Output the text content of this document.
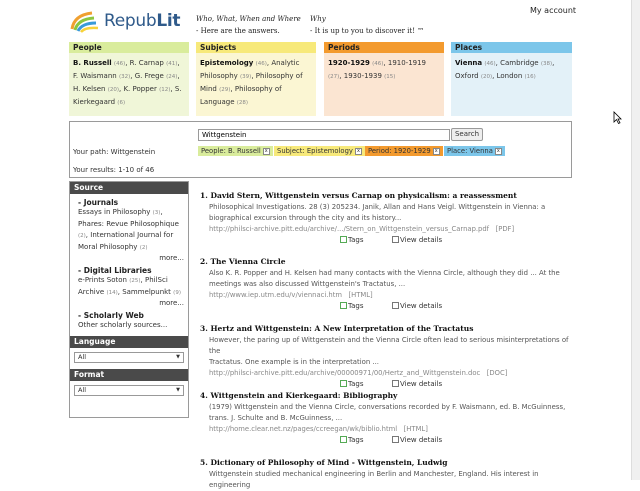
RepubLit Who, What, When and Where
- Here are the answers.
Why
- It is up to you to discover it! ™
My account
People
B. Russell (46), R. Carnap (41), F. Waismann (32), G. Frege (24), H. Kelsen (20), K. Popper (12), S. Kierkegaard (6)
Subjects
Epistemology (46), Analytic Philosophy (39), Philosophy of Mind (29), Philosophy of Language (28)
Periods
1920-1929 (46), 1910-1919 (27), 1930-1939 (15)
Places
Vienna (46), Cambridge (38), Oxford (20), London (16)
Wittgenstein
Search
Your path: Wittgenstein	People: B. Russell x	Subject: Epistemology x	Period: 1920-1929 x	Place: Vienna x
Your results: 1-10 of 46
Source
- Journals
Essays in Philosophy (3), Phares: Revue Philosophique (2), International Journal for Moral Philosophy (2)
more...
- Digital Libraries
e-Prints Soton (25), PhilSci Archive (14), Sammelpunkt (9)
more...
- Scholarly Web
Other scholarly sources...
Language
All	▼
Format
All	▼
1. David Stern, Wittgenstein versus Carnap on physicalism: a reassessment
Philosophical Investigations. 28 (3) 205234. Janik, Allan and Hans Veigl. Wittgenstein in Vienna: a
biographical excursion through the city and its history...
http://philsci-archive.pitt.edu/archive/.../Stern_on_Wittgenstein_versus_Carnap.pdf [PDF]
Tags	View details
2. The Vienna Circle
Also K. R. Popper and H. Kelsen had many contacts with the Vienna Circle, although they did ... At the
meetings was also discussed Wittgenstein's Tractatus, ...
http://www.iep.utm.edu/v/viennaci.htm [HTML]
Tags	View details
3. Hertz and Wittgenstein: A New Interpretation of the Tractatus
However, the paring up of Wittgenstein and the Vienna Circle often lead to serious misinterpretations of the
Tractatus. One example is in the interpretation ...
http://philsci-archive.pitt.edu/archive/00000971/00/Hertz_and_Wittgenstein.doc [DOC]
Tags	View details
4. Wittgenstein and Kierkegaard: Bibliography
(1979) Wittgenstein and the Vienna Circle, conversations recorded by F. Waismann, ed. B. McGuinness,
trans. J. Schulte and B. McGuinness, ...
http://home.clear.net.nz/pages/ccreegan/wk/biblio.html [HTML]
Tags	View details
5. Dictionary of Philosophy of Mind - Wittgenstein, Ludwig
Wittgenstein studied mechanical engineering in Berlin and Manchester, England. His interest in engineering
